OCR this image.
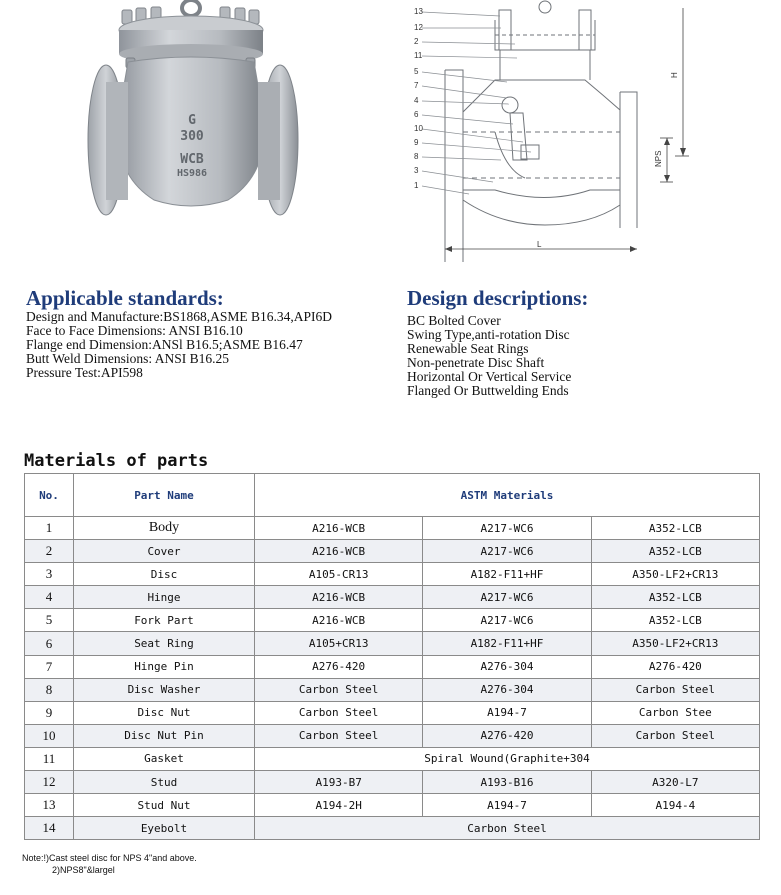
G
300
WCB
HS986
13
12
2
11
5
7
4
6
10
9
8
3
1
H
NPS
L
Applicable standards:
Design and Manufacture:BS1868,ASME B16.34,API6D
Face to Face Dimensions: ANSI B16.10
Flange end Dimension:ANSl B16.5;ASME B16.47
Butt Weld Dimensions: ANSI B16.25
Pressure Test:API598
Design descriptions:
BC Bolted Cover
Swing Type,anti-rotation Disc
Renewable Seat Rings
Non-penetrate Disc Shaft
Horizontal Or Vertical Service
Flanged Or Buttwelding Ends
Materials of parts
No.	Part Name	ASTM Materials		
1	Body	A216-WCB	A217-WC6	A352-LCB
2	Cover	A216-WCB	A217-WC6	A352-LCB
3	Disc	A105-CR13	A182-F11+HF	A350-LF2+CR13
4	Hinge	A216-WCB	A217-WC6	A352-LCB
5	Fork Part	A216-WCB	A217-WC6	A352-LCB
6	Seat Ring	A105+CR13	A182-F11+HF	A350-LF2+CR13
7	Hinge Pin	A276-420	A276-304	A276-420
8	Disc Washer	Carbon Steel	A276-304	Carbon Steel
9	Disc Nut	Carbon Steel	A194-7	Carbon Stee
10	Disc Nut Pin	Carbon Steel	A276-420	Carbon Steel
11	Gasket	Spiral Wound(Graphite+304		
12	Stud	A193-B7	A193-B16	A320-L7
13	Stud Nut	A194-2H	A194-7	A194-4
14	Eyebolt	Carbon Steel		
Note:!)Cast steel disc for NPS 4"and above.
2)NPS8"&largel
